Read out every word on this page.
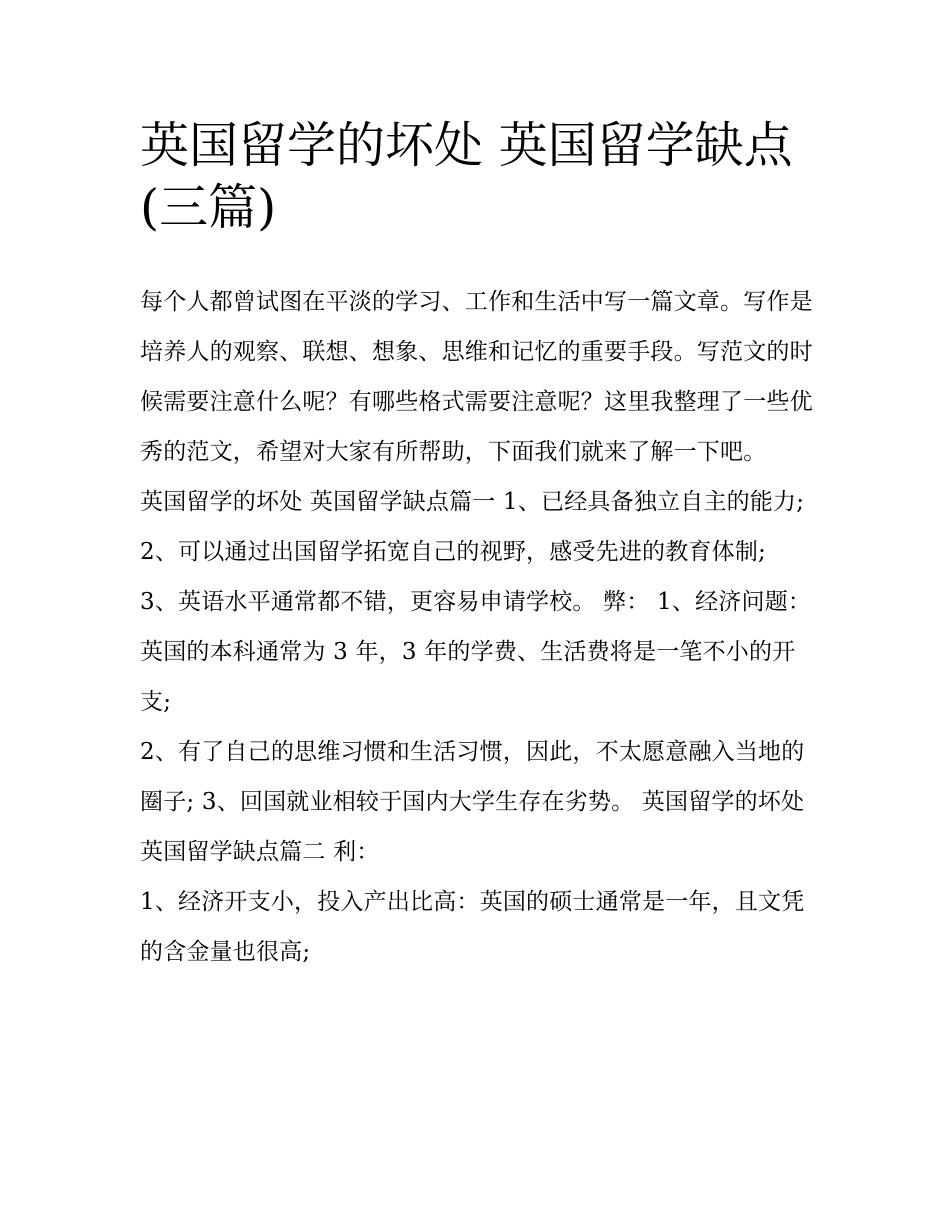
英国留学的坏处 英国留学缺点(三篇)

每个人都曾试图在平淡的学习、工作和生活中写一篇文章。写作是培养人的观察、联想、想象、思维和记忆的重要手段。写范文的时候需要注意什么呢？有哪些格式需要注意呢？这里我整理了一些优秀的范文，希望对大家有所帮助，下面我们就来了解一下吧。

英国留学的坏处 英国留学缺点篇一 1、已经具备独立自主的能力; 2、可以通过出国留学拓宽自己的视野，感受先进的教育体制;

3、英语水平通常都不错，更容易申请学校。 弊： 1、经济问题：英国的本科通常为 3 年，3 年的学费、生活费将是一笔不小的开支;

2、有了自己的思维习惯和生活习惯，因此，不太愿意融入当地的圈子; 3、回国就业相较于国内大学生存在劣势。 英国留学的坏处 英国留学缺点篇二 利：

1、经济开支小，投入产出比高：英国的硕士通常是一年，且文凭的含金量也很高;
